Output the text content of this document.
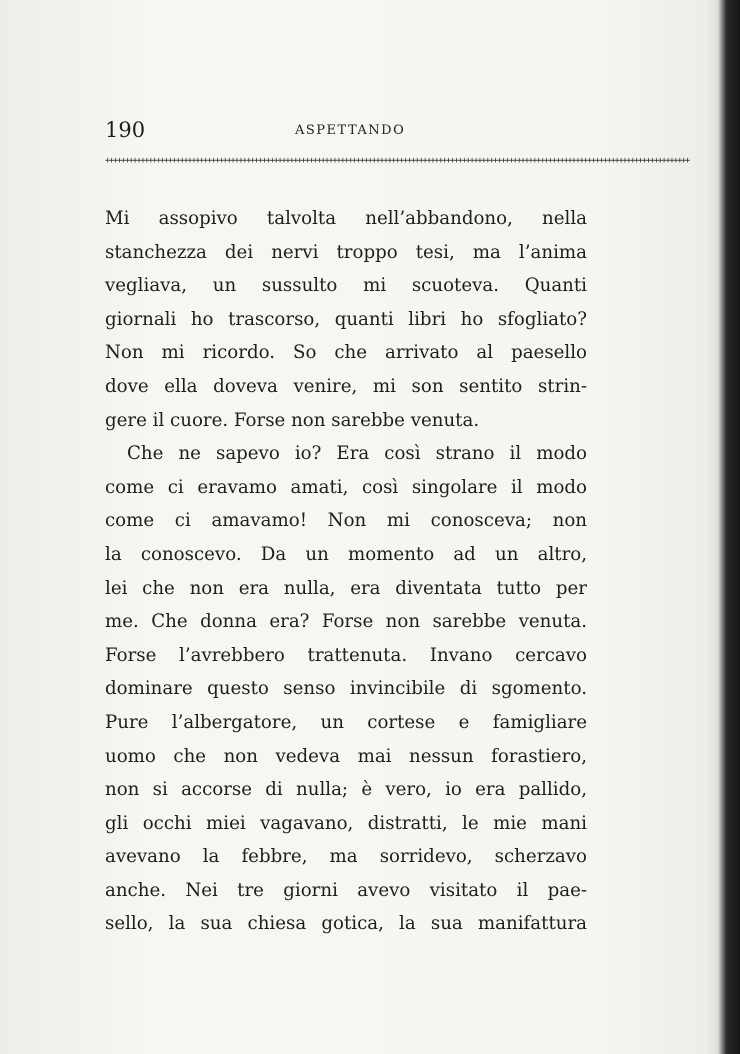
190	ASPETTANDO
+++++++++++++++++++++++++++++++++++++++++++++++++++++++++++++++++++++++++++++++++++++++++++++++++++++++++++++++++++++++++++++++++++++++++++++++++++++
Mi assopivo talvolta nell’abbandono, nella
stanchezza dei nervi troppo tesi, ma l’anima
vegliava, un sussulto mi scuoteva. Quanti
giornali ho trascorso, quanti libri ho sfogliato?
Non mi ricordo. So che arrivato al paesello
dove ella doveva venire, mi son sentito strin-
gere il cuore. Forse non sarebbe venuta.
Che ne sapevo io? Era così strano il modo
come ci eravamo amati, così singolare il modo
come ci amavamo! Non mi conosceva; non
la conoscevo. Da un momento ad un altro,
lei che non era nulla, era diventata tutto per
me. Che donna era? Forse non sarebbe venuta.
Forse l’avrebbero trattenuta. Invano cercavo
dominare questo senso invincibile di sgomento.
Pure l’albergatore, un cortese e famigliare
uomo che non vedeva mai nessun forastiero,
non si accorse di nulla; è vero, io era pallido,
gli occhi miei vagavano, distratti, le mie mani
avevano la febbre, ma sorridevo, scherzavo
anche. Nei tre giorni avevo visitato il pae-
sello, la sua chiesa gotica, la sua manifattura
